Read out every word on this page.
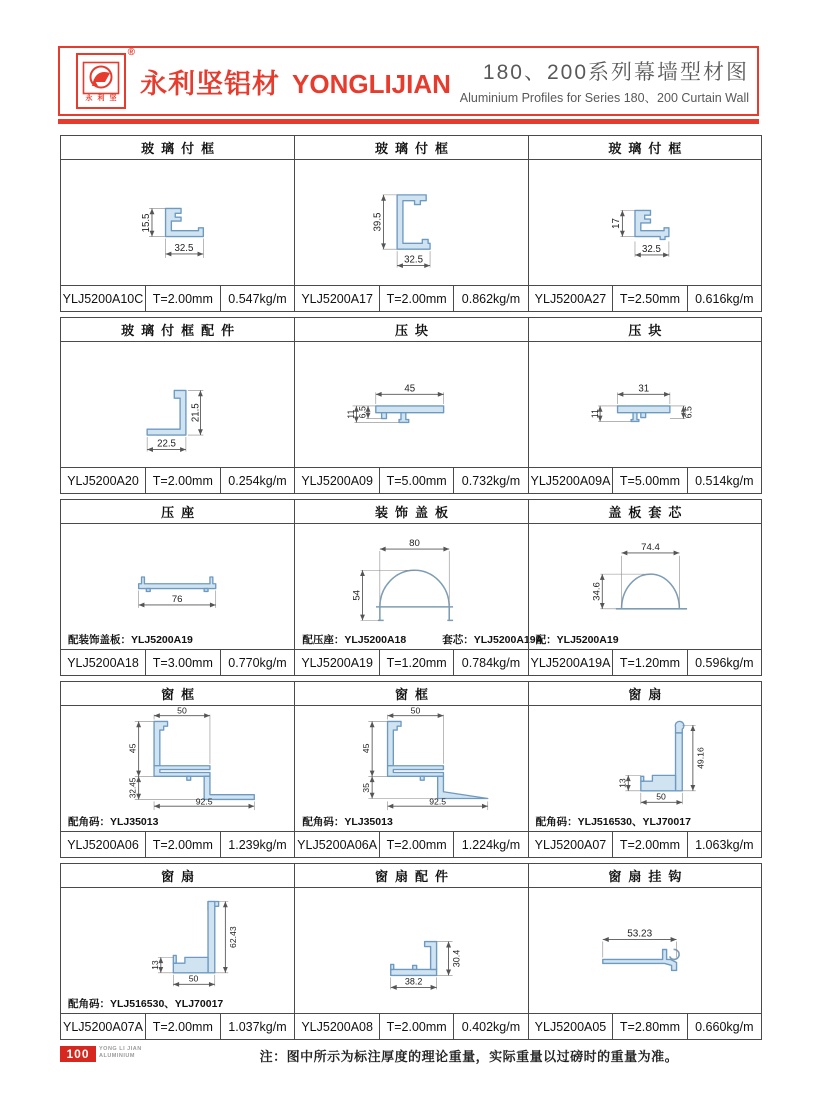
®
永利坚 永利坚铝材 YONGLIJIAN	180、200系列幕墙型材图
Aluminium Profiles for Series 180、200 Curtain Wall
玻璃付框
15.5
32.5
YLJ5200A10C T=2.00mm	0.547kg/m
玻璃付框
39.5
32.5
YLJ5200A17	T=2.00mm	0.862kg/m
玻璃付框
17
32.5
YLJ5200A27	T=2.50mm	0.616kg/m
玻璃付框配件
21.5
22.5
YLJ5200A20	T=2.00mm	0.254kg/m
压块
45
11 6.5
YLJ5200A09	T=5.00mm	0.732kg/m
压块
31
11	6.5
YLJ5200A09A T=5.00mm	0.514kg/m
压座
76
配装饰盖板：YLJ5200A19
YLJ5200A18	T=3.00mm	0.770kg/m
装饰盖板
80
54
配压座：YLJ5200A18	套芯：YLJ5200A19A
YLJ5200A19	T=1.20mm	0.784kg/m
盖板套芯
74.4
34.6
配：YLJ5200A19
YLJ5200A19A T=1.20mm	0.596kg/m
窗框
50
45
32.45
92.5
配角码：YLJ35013
YLJ5200A06	T=2.00mm	1.239kg/m
窗框
50
45
35
92.5
配角码：YLJ35013
YLJ5200A06A T=2.00mm	1.224kg/m
窗扇
49.16
13
50
配角码：YLJ516530、YLJ70017
YLJ5200A07	T=2.00mm	1.063kg/m
窗扇
62.43
13
50
配角码：YLJ516530、YLJ70017
YLJ5200A07A T=2.00mm	1.037kg/m
窗扇配件
30.4
38.2
YLJ5200A08	T=2.00mm	0.402kg/m
窗扇挂钩
53.23
YLJ5200A05	T=2.80mm	0.660kg/m
100	YONG LI JIAN
ALUMINIUM	注：图中所示为标注厚度的理论重量，实际重量以过磅时的重量为准。
